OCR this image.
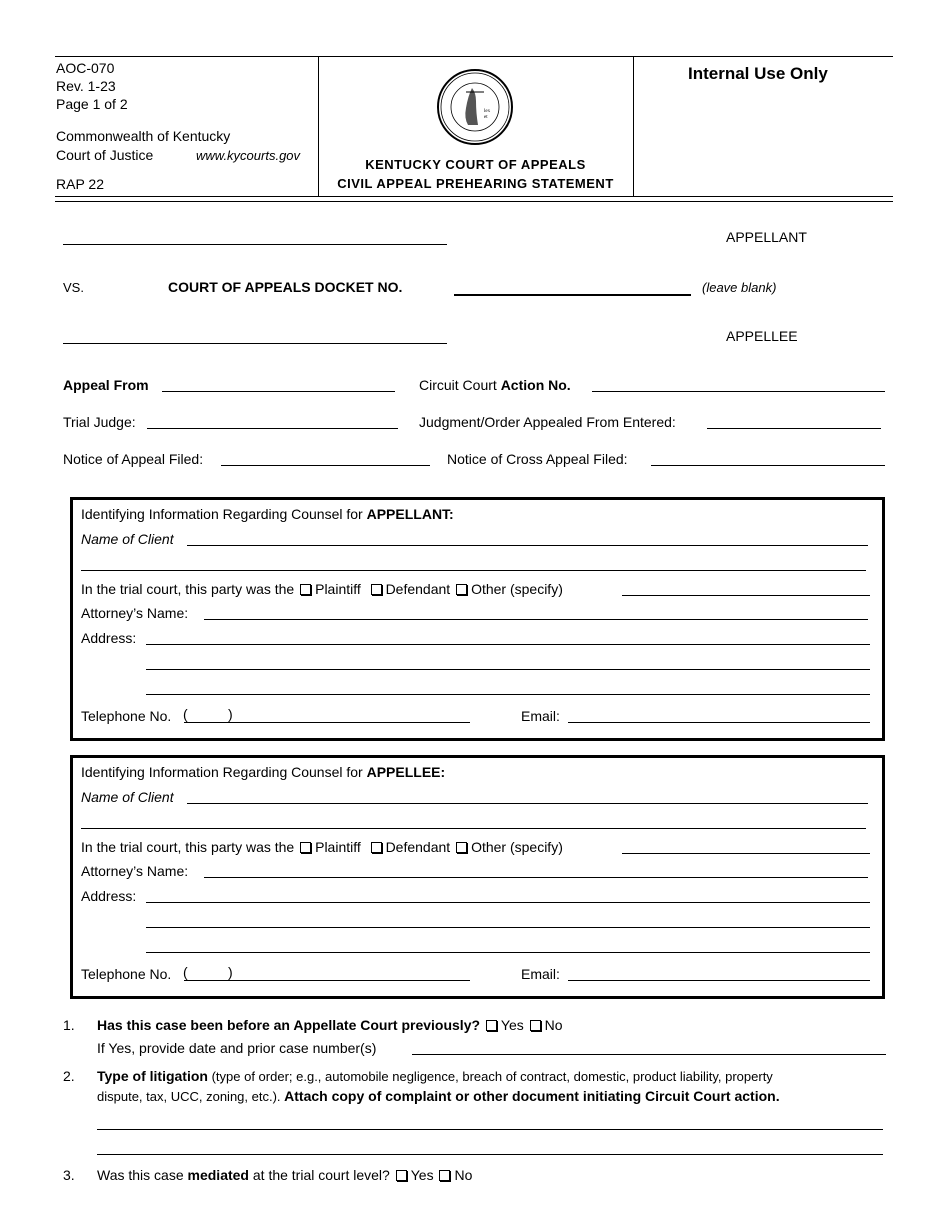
AOC-070
Rev. 1-23
Page 1 of 2
Commonwealth of Kentucky
Court of Justice	www.kycourts.gov
RAP 22
lex
et
KENTUCKY COURT OF APPEALS
CIVIL APPEAL PREHEARING STATEMENT
Internal Use Only
APPELLANT
VS.	COURT OF APPEALS DOCKET NO.	(leave blank)
APPELLEE
Appeal From	Circuit Court Action No.
Trial Judge:	Judgment/Order Appealed From Entered:
Notice of Appeal Filed:	Notice of Cross Appeal Filed:
Identifying Information Regarding Counsel for APPELLANT:
Name of Client
In the trial court, this party was the Plaintiff Defendant Other (specify)
Attorney’s Name:
Address:
Telephone No. (	)	Email:
Identifying Information Regarding Counsel for APPELLEE:
Name of Client
In the trial court, this party was the Plaintiff Defendant Other (specify)
Attorney’s Name:
Address:
Telephone No. (	)	Email:
1. Has this case been before an Appellate Court previously? Yes No
If Yes, provide date and prior case number(s)
2. Type of litigation (type of order; e.g., automobile negligence, breach of contract, domestic, product liability, property
dispute, tax, UCC, zoning, etc.). Attach copy of complaint or other document initiating Circuit Court action.
3. Was this case mediated at the trial court level? Yes No
